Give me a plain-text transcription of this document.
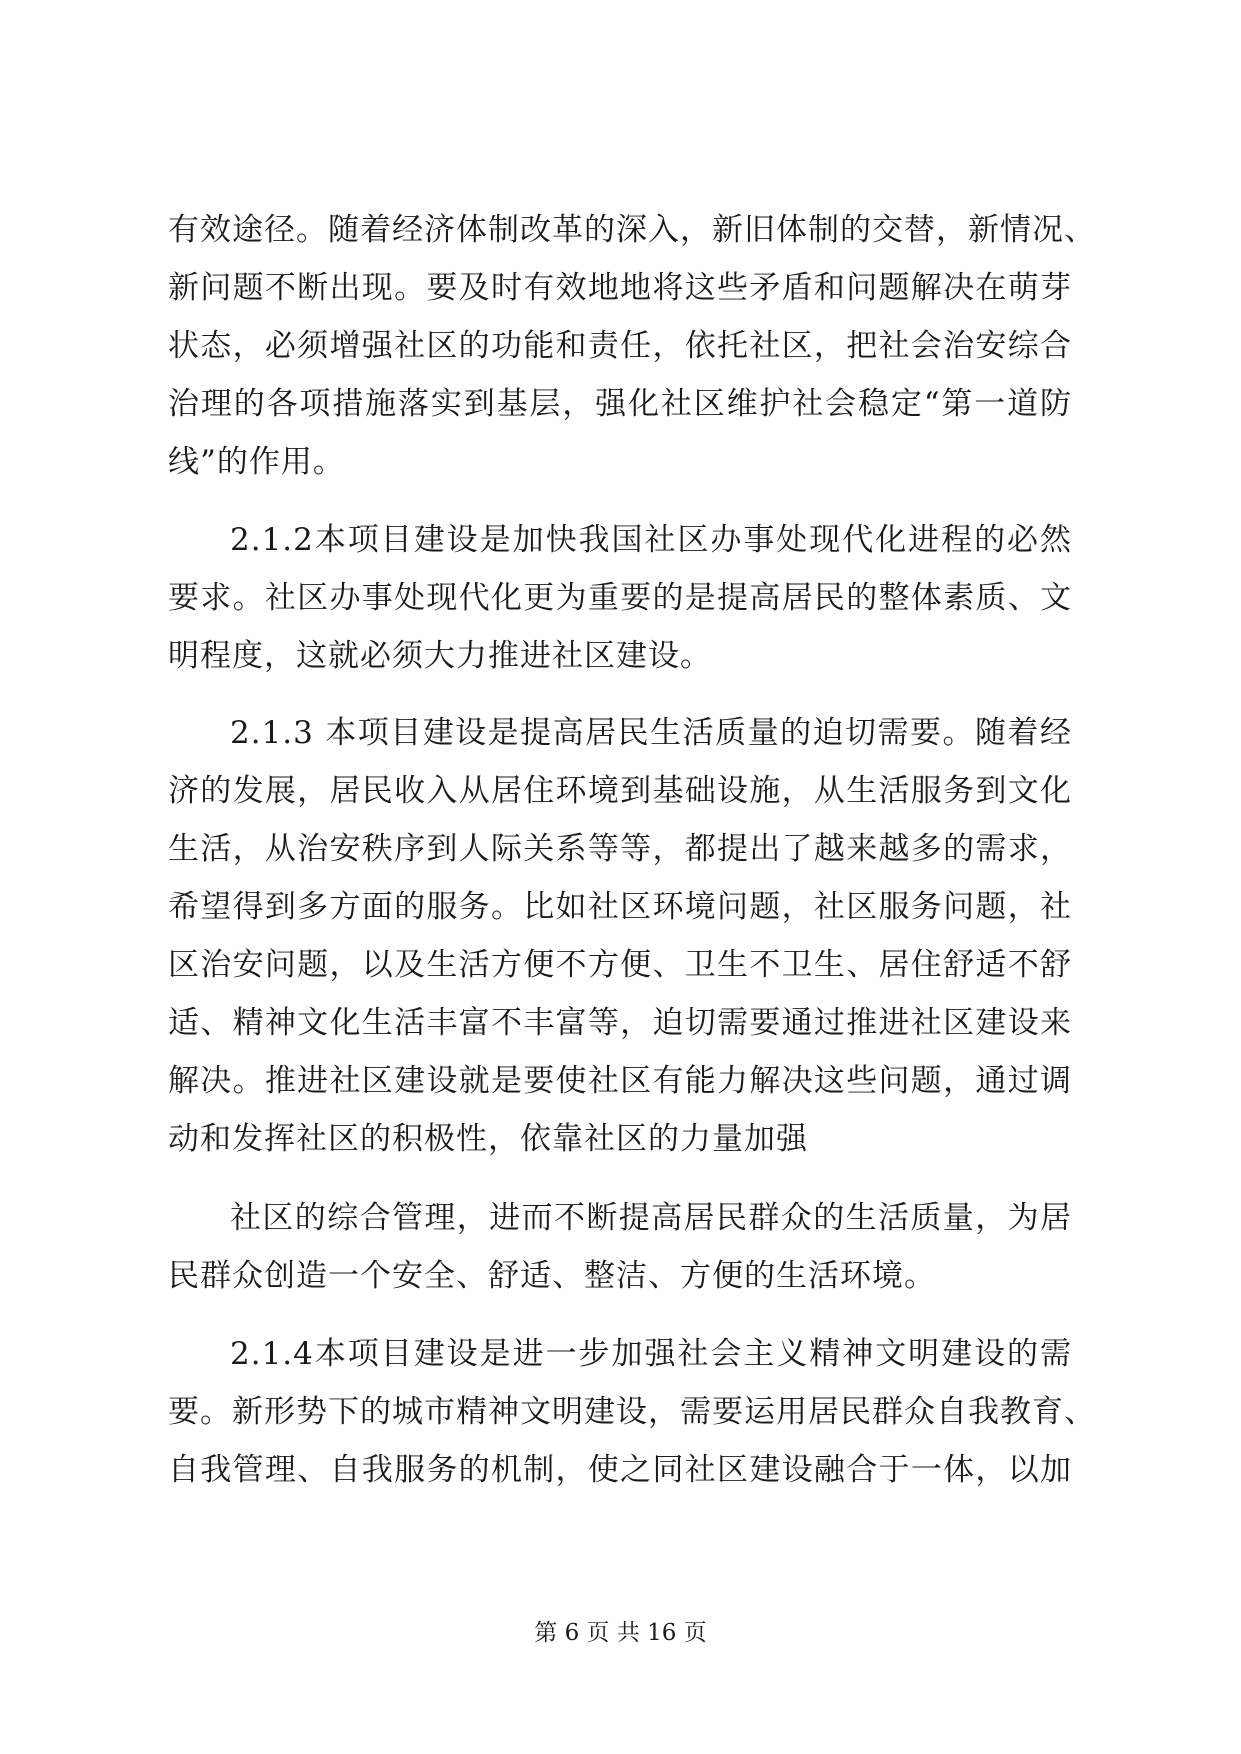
有效途径。随着经济体制改革的深入，新旧体制的交替，新情况、
新问题不断出现。要及时有效地地将这些矛盾和问题解决在萌芽
状态，必须增强社区的功能和责任，依托社区，把社会治安综合
治理的各项措施落实到基层，强化社区维护社会稳定“第一道防
线”的作用。
2.1.2本项目建设是加快我国社区办事处现代化进程的必然
要求。社区办事处现代化更为重要的是提高居民的整体素质、文
明程度，这就必须大力推进社区建设。
2.1.3 本项目建设是提高居民生活质量的迫切需要。随着经
济的发展，居民收入从居住环境到基础设施，从生活服务到文化
生活，从治安秩序到人际关系等等，都提出了越来越多的需求，
希望得到多方面的服务。比如社区环境问题，社区服务问题，社
区治安问题，以及生活方便不方便、卫生不卫生、居住舒适不舒
适、精神文化生活丰富不丰富等，迫切需要通过推进社区建设来
解决。推进社区建设就是要使社区有能力解决这些问题，通过调
动和发挥社区的积极性，依靠社区的力量加强
社区的综合管理，进而不断提高居民群众的生活质量，为居
民群众创造一个安全、舒适、整洁、方便的生活环境。
2.1.4本项目建设是进一步加强社会主义精神文明建设的需
要。新形势下的城市精神文明建设，需要运用居民群众自我教育、
自我管理、自我服务的机制，使之同社区建设融合于一体，以加
第 6 页 共 16 页
